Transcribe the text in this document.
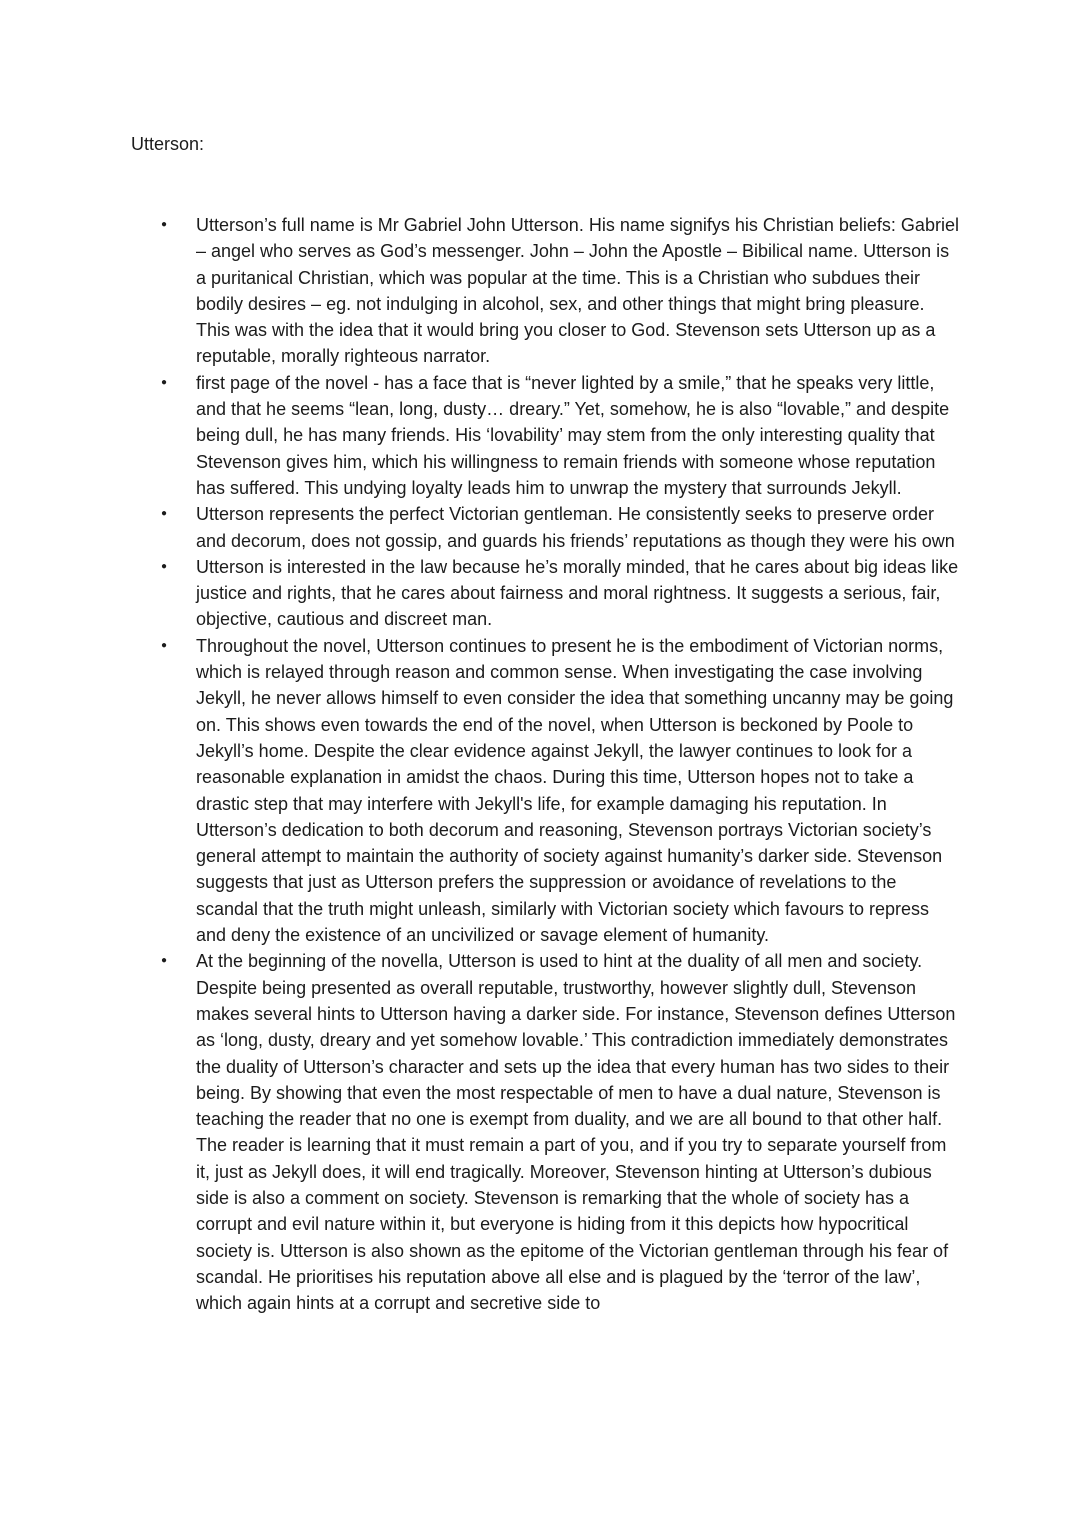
Utterson:
● Utterson’s full name is Mr Gabriel John Utterson. His name signifys his Christian beliefs: Gabriel – angel who serves as God’s messenger. John – John the Apostle – Bibilical name. Utterson is a puritanical Christian, which was popular at the time. This is a Christian who subdues their bodily desires – eg. not indulging in alcohol, sex, and other things that might bring pleasure. This was with the idea that it would bring you closer to God. Stevenson sets Utterson up as a reputable, morally righteous narrator.
● first page of the novel - has a face that is “never lighted by a smile,” that he speaks very little, and that he seems “lean, long, dusty… dreary.” Yet, somehow, he is also “lovable,” and despite being dull, he has many friends. His ‘lovability’ may stem from the only interesting quality that Stevenson gives him, which his willingness to remain friends with someone whose reputation has suffered. This undying loyalty leads him to unwrap the mystery that surrounds Jekyll.
● Utterson represents the perfect Victorian gentleman. He consistently seeks to preserve order and decorum, does not gossip, and guards his friends’ reputations as though they were his own
● Utterson is interested in the law because he’s morally minded, that he cares about big ideas like justice and rights, that he cares about fairness and moral rightness. It suggests a serious, fair, objective, cautious and discreet man.
● Throughout the novel, Utterson continues to present he is the embodiment of Victorian norms, which is relayed through reason and common sense. When investigating the case involving Jekyll, he never allows himself to even consider the idea that something uncanny may be going on. This shows even towards the end of the novel, when Utterson is beckoned by Poole to Jekyll’s home. Despite the clear evidence against Jekyll, the lawyer continues to look for a reasonable explanation in amidst the chaos. During this time, Utterson hopes not to take a drastic step that may interfere with Jekyll's life, for example damaging his reputation. In Utterson’s dedication to both decorum and reasoning, Stevenson portrays Victorian society’s general attempt to maintain the authority of society against humanity’s darker side. Stevenson suggests that just as Utterson prefers the suppression or avoidance of revelations to the scandal that the truth might unleash, similarly with Victorian society which favours to repress and deny the existence of an uncivilized or savage element of humanity.
● At the beginning of the novella, Utterson is used to hint at the duality of all men and society. Despite being presented as overall reputable, trustworthy, however slightly dull, Stevenson makes several hints to Utterson having a darker side. For instance, Stevenson defines Utterson as ‘long, dusty, dreary and yet somehow lovable.’ This contradiction immediately demonstrates the duality of Utterson’s character and sets up the idea that every human has two sides to their being. By showing that even the most respectable of men to have a dual nature, Stevenson is teaching the reader that no one is exempt from duality, and we are all bound to that other half. The reader is learning that it must remain a part of you, and if you try to separate yourself from it, just as Jekyll does, it will end tragically. Moreover, Stevenson hinting at Utterson’s dubious side is also a comment on society. Stevenson is remarking that the whole of society has a corrupt and evil nature within it, but everyone is hiding from it this depicts how hypocritical society is. Utterson is also shown as the epitome of the Victorian gentleman through his fear of scandal. He prioritises his reputation above all else and is plagued by the ‘terror of the law’, which again hints at a corrupt and secretive side to
